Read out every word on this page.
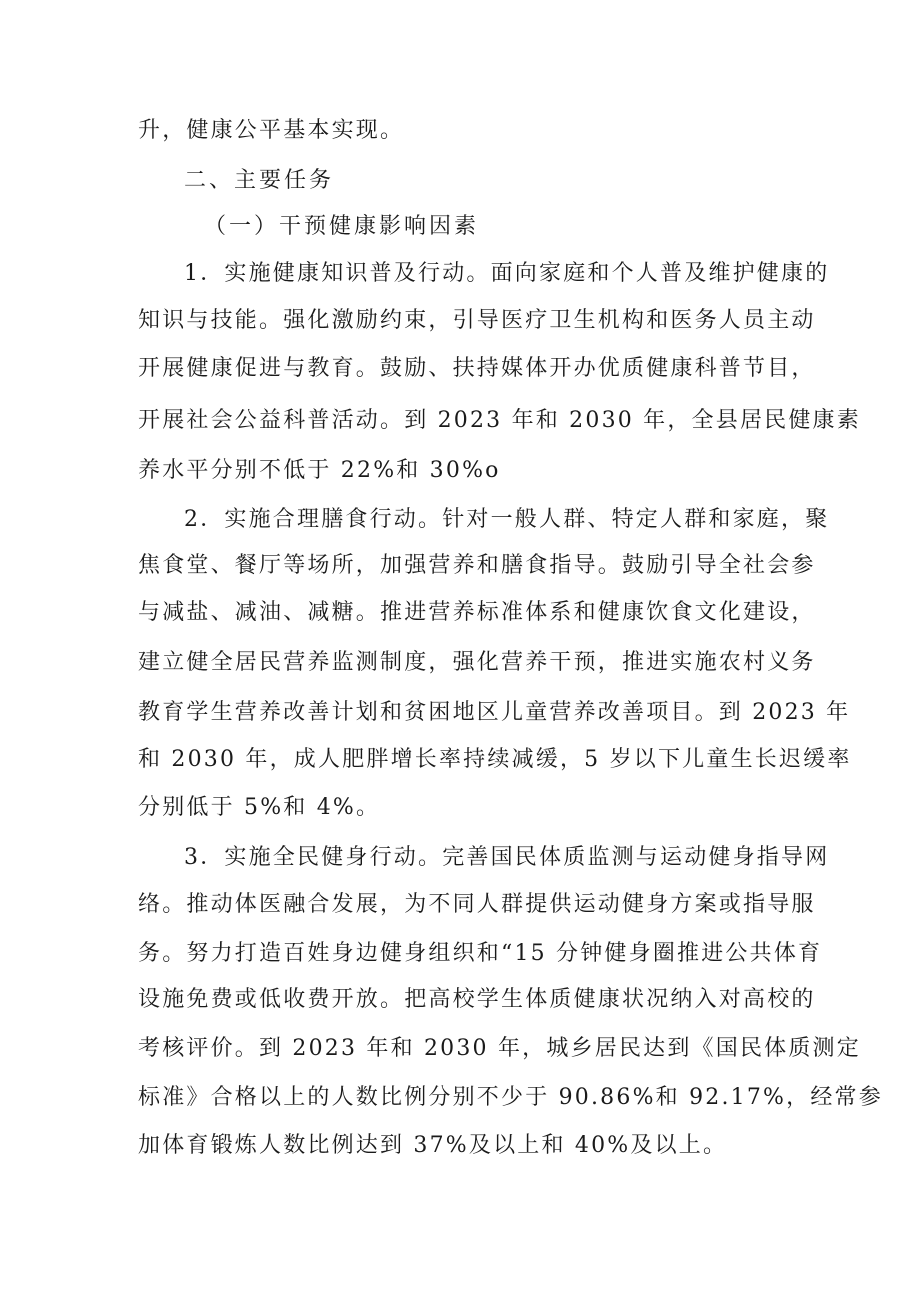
升，健康公平基本实现。
二、主要任务
（一）干预健康影响因素
1．实施健康知识普及行动。面向家庭和个人普及维护健康的
知识与技能。强化激励约束，引导医疗卫生机构和医务人员主动
开展健康促进与教育。鼓励、扶持媒体开办优质健康科普节目，
开展社会公益科普活动。到 2023 年和 2030 年，全县居民健康素
养水平分别不低于 22%和 30%o
2．实施合理膳食行动。针对一般人群、特定人群和家庭，聚
焦食堂、餐厅等场所，加强营养和膳食指导。鼓励引导全社会参
与减盐、减油、减糖。推进营养标准体系和健康饮食文化建设，
建立健全居民营养监测制度，强化营养干预，推进实施农村义务
教育学生营养改善计划和贫困地区儿童营养改善项目。到 2023 年
和 2030 年，成人肥胖增长率持续减缓，5 岁以下儿童生长迟缓率
分别低于 5%和 4%。
3．实施全民健身行动。完善国民体质监测与运动健身指导网
络。推动体医融合发展，为不同人群提供运动健身方案或指导服
务。努力打造百姓身边健身组织和“15 分钟健身圈推进公共体育
设施免费或低收费开放。把高校学生体质健康状况纳入对高校的
考核评价。到 2023 年和 2030 年，城乡居民达到《国民体质测定
标准》合格以上的人数比例分别不少于 90.86%和 92.17%，经常参
加体育锻炼人数比例达到 37%及以上和 40%及以上。
